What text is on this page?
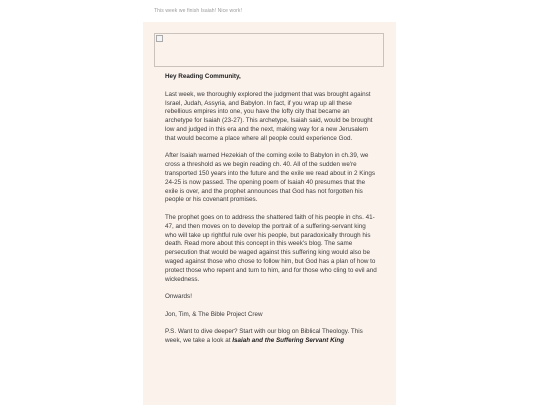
This week we finish Isaiah! Nice work!

Hey Reading Community,

Last week, we thoroughly explored the judgment that was brought against Israel, Judah, Assyria, and Babylon. In fact, if you wrap up all these rebellious empires into one, you have the lofty city that became an archetype for Isaiah (23-27). This archetype, Isaiah said, would be brought low and judged in this era and the next, making way for a new Jerusalem that would become a place where all people could experience God.

After Isaiah warned Hezekiah of the coming exile to Babylon in ch.39, we cross a threshold as we begin reading ch. 40. All of the sudden we're transported 150 years into the future and the exile we read about in 2 Kings 24-25 is now passed. The opening poem of Isaiah 40 presumes that the exile is over, and the prophet announces that God has not forgotten his people or his covenant promises.

The prophet goes on to address the shattered faith of his people in chs. 41-47, and then moves on to develop the portrait of a suffering-servant king who will take up rightful rule over his people, but paradoxically through his death. Read more about this concept in this week's blog. The same persecution that would be waged against this suffering king would also be waged against those who chose to follow him, but God has a plan of how to protect those who repent and turn to him, and for those who cling to evil and wickedness.

Onwards!

Jon, Tim, & The Bible Project Crew

P.S. Want to dive deeper? Start with our blog on Biblical Theology. This week, we take a look at Isaiah and the Suffering Servant King
